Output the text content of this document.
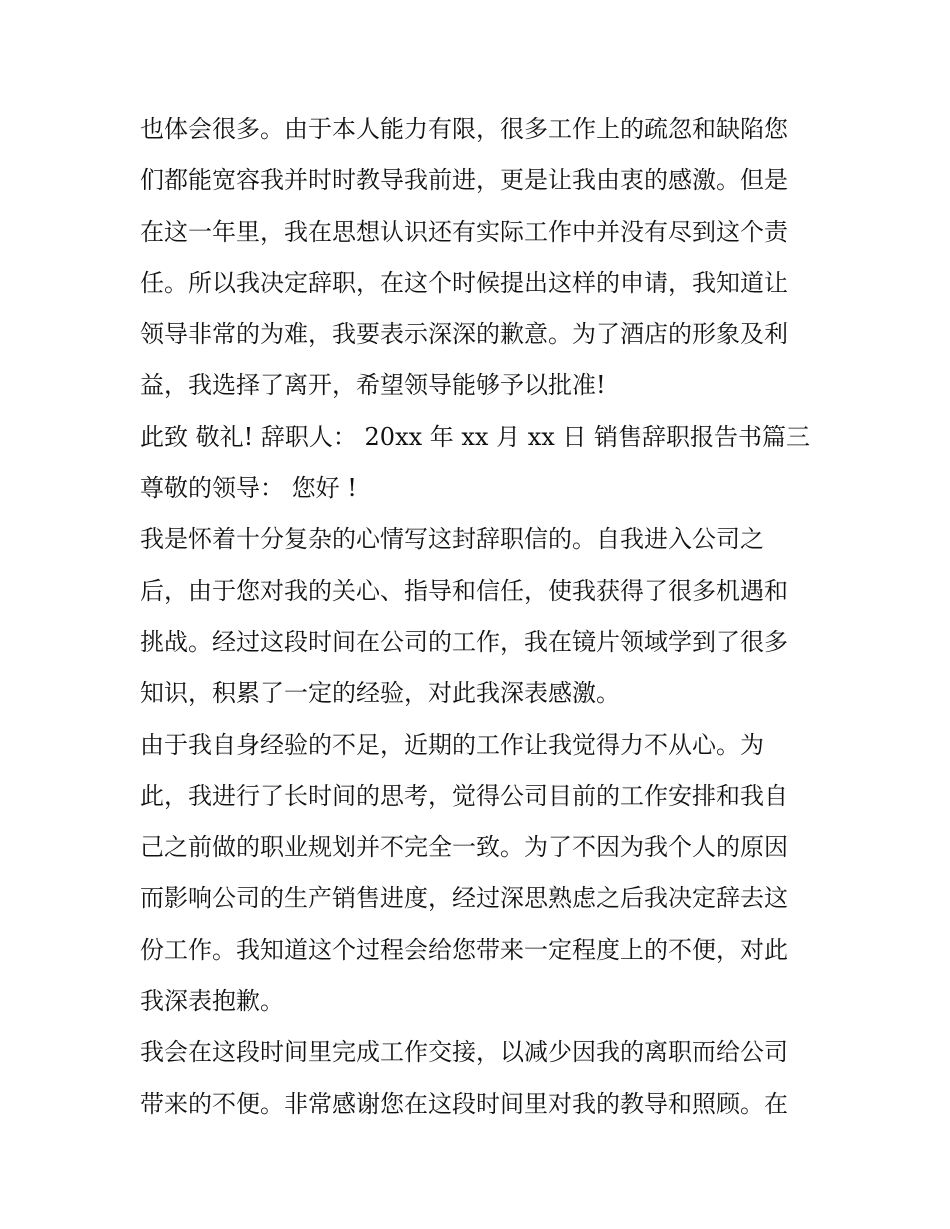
也体会很多。由于本人能力有限，很多工作上的疏忽和缺陷您
们都能宽容我并时时教导我前进，更是让我由衷的感激。但是
在这一年里，我在思想认识还有实际工作中并没有尽到这个责
任。所以我决定辞职，在这个时候提出这样的申请，我知道让
领导非常的为难，我要表示深深的歉意。为了酒店的形象及利
益，我选择了离开，希望领导能够予以批准!
此致 敬礼! 辞职人： 20xx 年 xx 月 xx 日 销售辞职报告书篇三
尊敬的领导： 您好 !
我是怀着十分复杂的心情写这封辞职信的。自我进入公司之
后，由于您对我的关心、指导和信任，使我获得了很多机遇和
挑战。经过这段时间在公司的工作，我在镜片领域学到了很多
知识，积累了一定的经验，对此我深表感激。
由于我自身经验的不足，近期的工作让我觉得力不从心。为
此，我进行了长时间的思考，觉得公司目前的工作安排和我自
己之前做的职业规划并不完全一致。为了不因为我个人的原因
而影响公司的生产销售进度，经过深思熟虑之后我决定辞去这
份工作。我知道这个过程会给您带来一定程度上的不便，对此
我深表抱歉。
我会在这段时间里完成工作交接，以减少因我的离职而给公司
带来的不便。非常感谢您在这段时间里对我的教导和照顾。在
